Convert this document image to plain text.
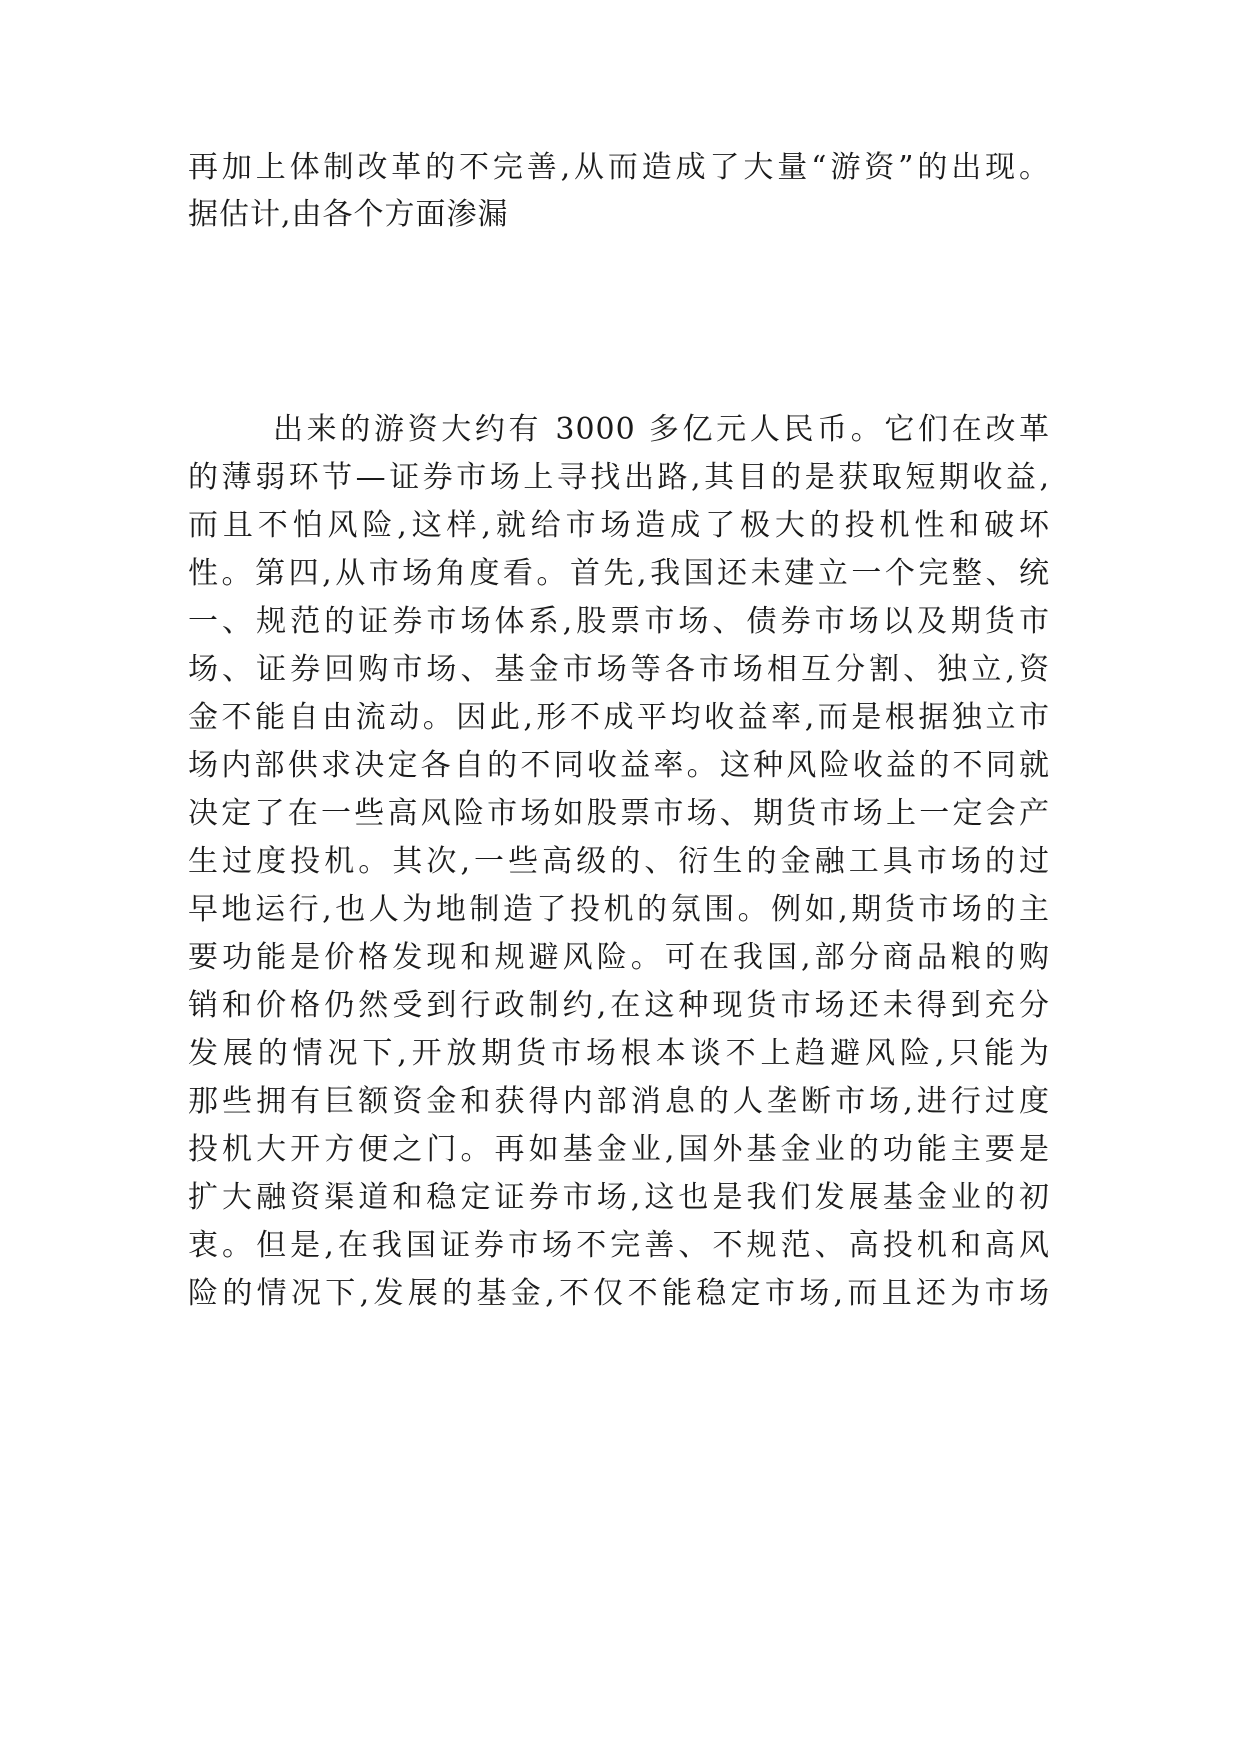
再加上体制改革的不完善,从而造成了大量“游资”的出现。
据估计,由各个方面渗漏
出来的游资大约有 3000 多亿元人民币。它们在改革
的薄弱环节—证券市场上寻找出路,其目的是获取短期收益,
而且不怕风险,这样,就给市场造成了极大的投机性和破坏
性。第四,从市场角度看。首先,我国还未建立一个完整、统
一、规范的证券市场体系,股票市场、债券市场以及期货市
场、证券回购市场、基金市场等各市场相互分割、独立,资
金不能自由流动。因此,形不成平均收益率,而是根据独立市
场内部供求决定各自的不同收益率。这种风险收益的不同就
决定了在一些高风险市场如股票市场、期货市场上一定会产
生过度投机。其次,一些高级的、衍生的金融工具市场的过
早地运行,也人为地制造了投机的氛围。例如,期货市场的主
要功能是价格发现和规避风险。可在我国,部分商品粮的购
销和价格仍然受到行政制约,在这种现货市场还未得到充分
发展的情况下,开放期货市场根本谈不上趋避风险,只能为
那些拥有巨额资金和获得内部消息的人垄断市场,进行过度
投机大开方便之门。再如基金业,国外基金业的功能主要是
扩大融资渠道和稳定证券市场,这也是我们发展基金业的初
衷。但是,在我国证券市场不完善、不规范、高投机和高风
险的情况下,发展的基金,不仅不能稳定市场,而且还为市场
